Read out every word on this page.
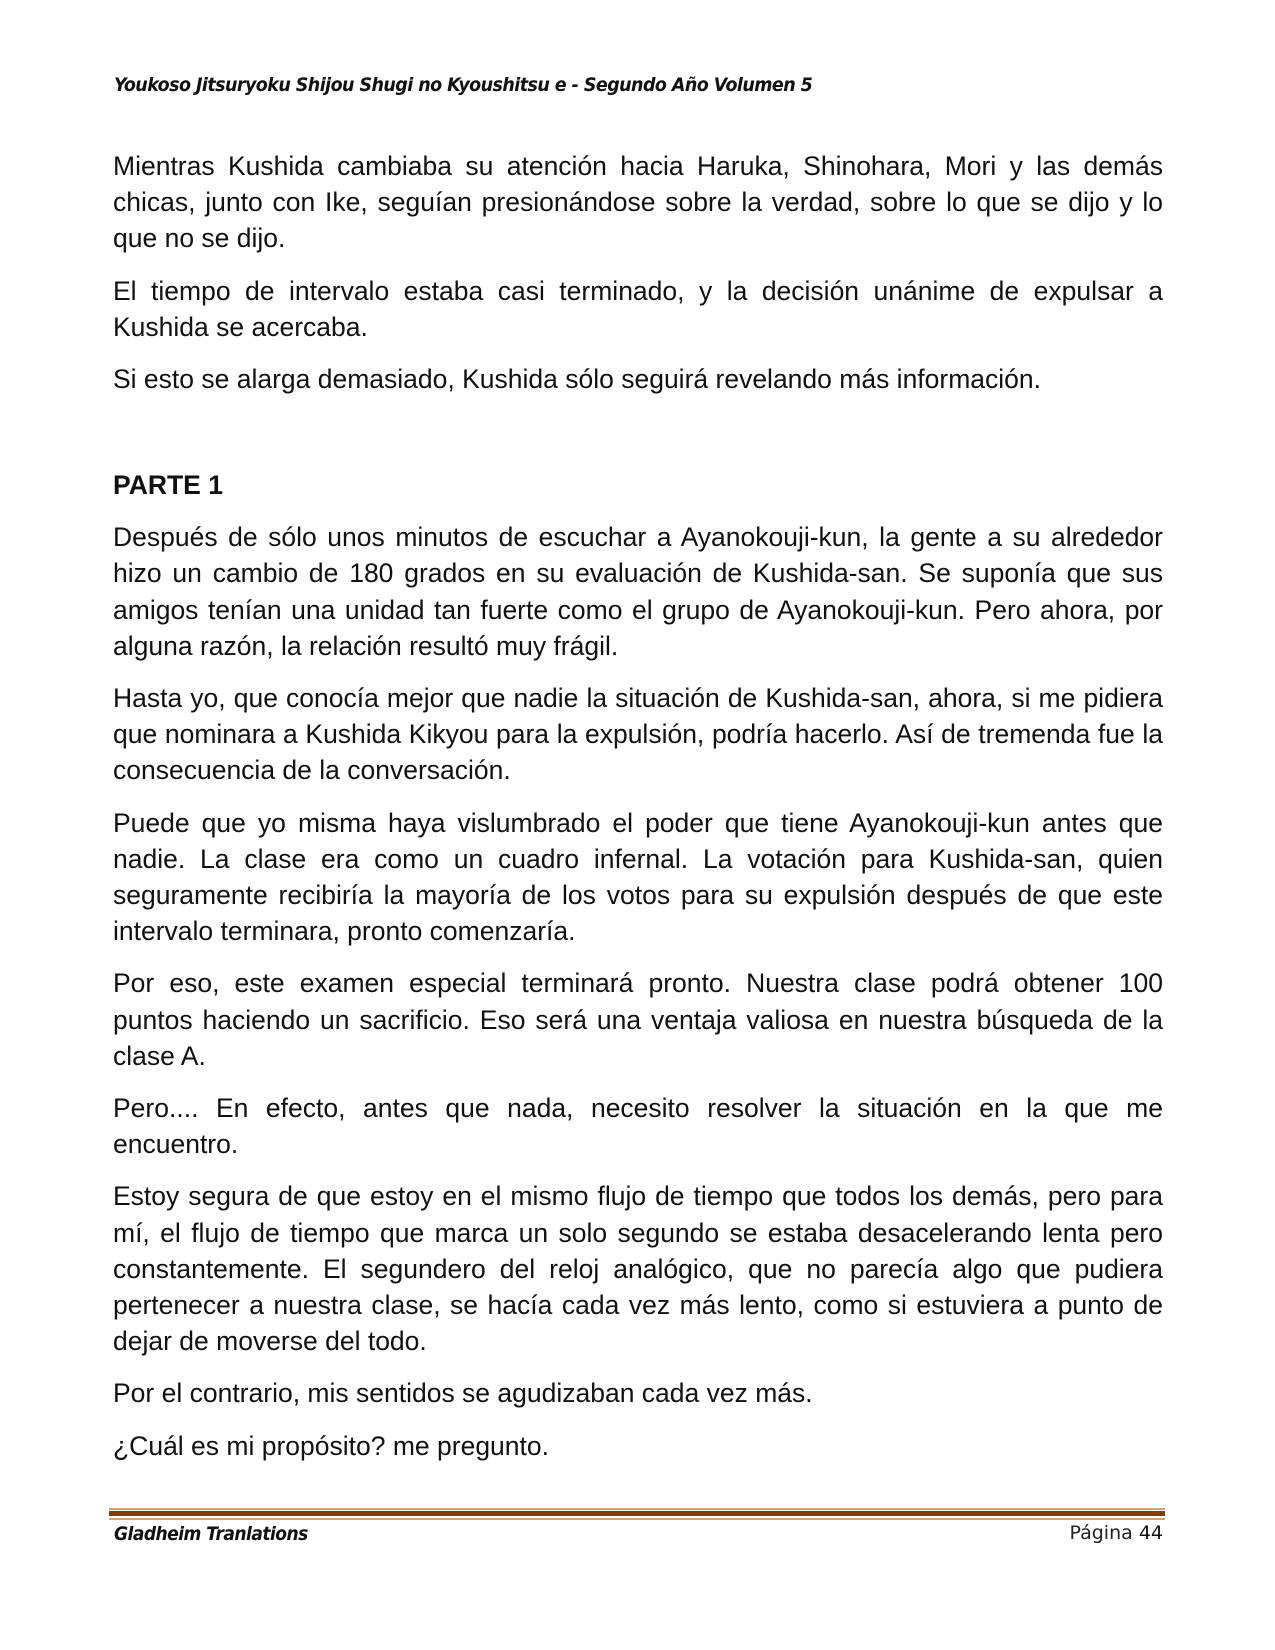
Youkoso Jitsuryoku Shijou Shugi no Kyoushitsu e - Segundo Año Volumen 5

Mientras Kushida cambiaba su atención hacia Haruka, Shinohara, Mori y las demás chicas, junto con Ike, seguían presionándose sobre la verdad, sobre lo que se dijo y lo que no se dijo.

El tiempo de intervalo estaba casi terminado, y la decisión unánime de expulsar a Kushida se acercaba.

Si esto se alarga demasiado, Kushida sólo seguirá revelando más información.

PARTE 1

Después de sólo unos minutos de escuchar a Ayanokouji-kun, la gente a su alrededor hizo un cambio de 180 grados en su evaluación de Kushida-san. Se suponía que sus amigos tenían una unidad tan fuerte como el grupo de Ayanokouji-kun. Pero ahora, por alguna razón, la relación resultó muy frágil.

Hasta yo, que conocía mejor que nadie la situación de Kushida-san, ahora, si me pidiera que nominara a Kushida Kikyou para la expulsión, podría hacerlo. Así de tremenda fue la consecuencia de la conversación.

Puede que yo misma haya vislumbrado el poder que tiene Ayanokouji-kun antes que nadie. La clase era como un cuadro infernal. La votación para Kushida-san, quien seguramente recibiría la mayoría de los votos para su expulsión después de que este intervalo terminara, pronto comenzaría.

Por eso, este examen especial terminará pronto. Nuestra clase podrá obtener 100 puntos haciendo un sacrificio. Eso será una ventaja valiosa en nuestra búsqueda de la clase A.

Pero.... En efecto, antes que nada, necesito resolver la situación en la que me encuentro.

Estoy segura de que estoy en el mismo flujo de tiempo que todos los demás, pero para mí, el flujo de tiempo que marca un solo segundo se estaba desacelerando lenta pero constantemente. El segundero del reloj analógico, que no parecía algo que pudiera pertenecer a nuestra clase, se hacía cada vez más lento, como si estuviera a punto de dejar de moverse del todo.

Por el contrario, mis sentidos se agudizaban cada vez más.

¿Cuál es mi propósito? me pregunto.

Gladheim Tranlations	Página 44
